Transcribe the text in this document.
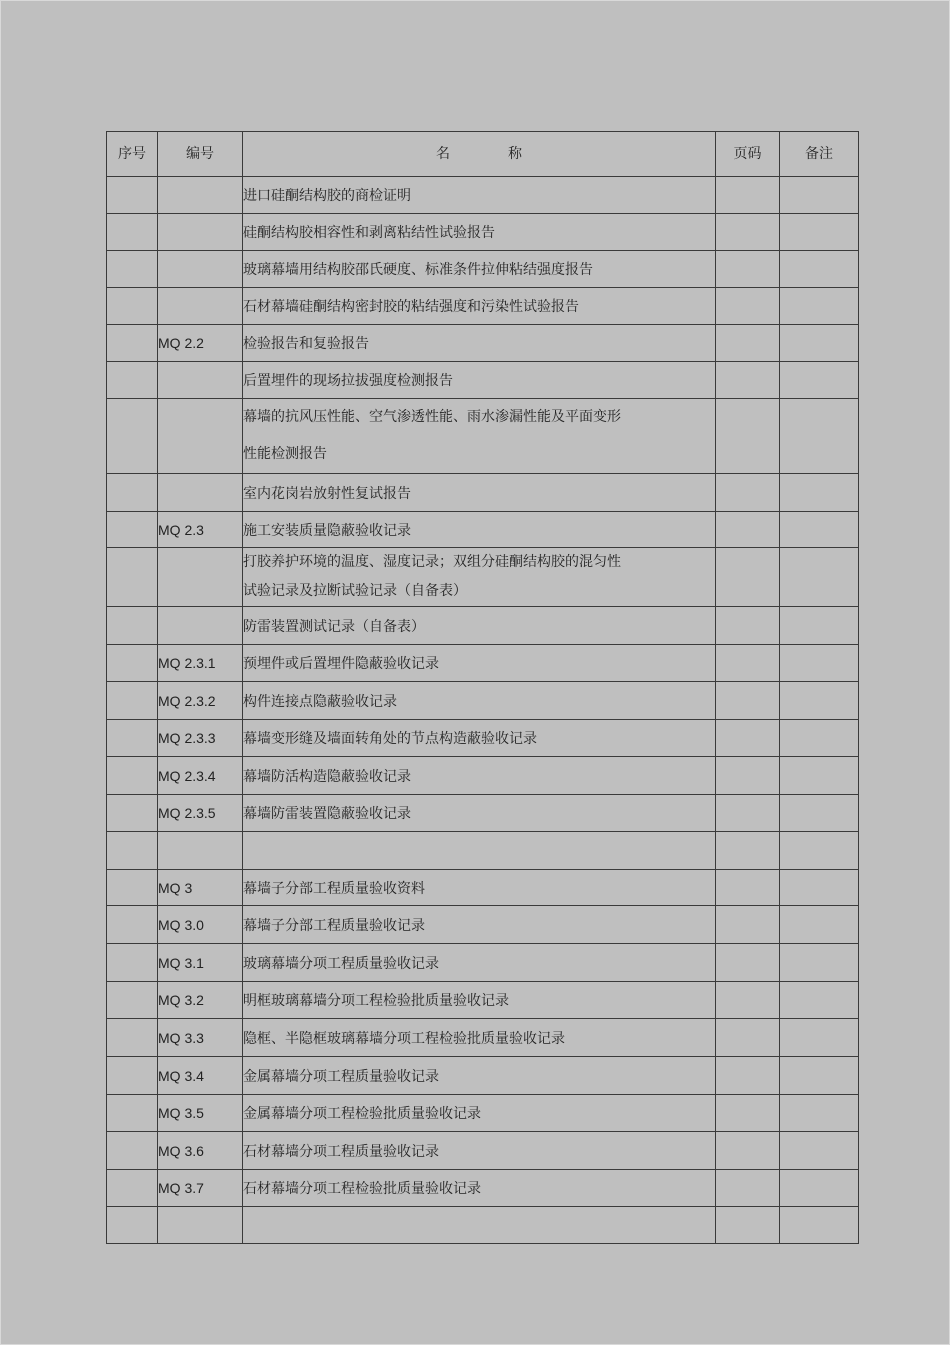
序号	编号	名 称	页码	备注
		进口硅酮结构胶的商检证明		
		硅酮结构胶相容性和剥离粘结性试验报告		
		玻璃幕墙用结构胶邵氏硬度、标准条件拉伸粘结强度报告		
		石材幕墙硅酮结构密封胶的粘结强度和污染性试验报告		
	MQ 2.2	检验报告和复验报告		
		后置埋件的现场拉拔强度检测报告		

		幕墙的抗风压性能、空气渗透性能、雨水渗漏性能及平面变形
性能检测报告		

		室内花岗岩放射性复试报告		
	MQ 2.3	施工安装质量隐蔽验收记录		

		打胶养护环境的温度、湿度记录；双组分硅酮结构胶的混匀性
试验记录及拉断试验记录（自备表）		

		防雷装置测试记录（自备表）		
	MQ 2.3.1	预埋件或后置埋件隐蔽验收记录		
	MQ 2.3.2	构件连接点隐蔽验收记录		
	MQ 2.3.3	幕墙变形缝及墙面转角处的节点构造蔽验收记录		
	MQ 2.3.4	幕墙防活构造隐蔽验收记录		
	MQ 2.3.5	幕墙防雷装置隐蔽验收记录		

	MQ 3	幕墙子分部工程质量验收资料		
	MQ 3.0	幕墙子分部工程质量验收记录		
	MQ 3.1	玻璃幕墙分项工程质量验收记录		
	MQ 3.2	明框玻璃幕墙分项工程检验批质量验收记录		
	MQ 3.3	隐框、半隐框玻璃幕墙分项工程检验批质量验收记录		
	MQ 3.4	金属幕墙分项工程质量验收记录		
	MQ 3.5	金属幕墙分项工程检验批质量验收记录		
	MQ 3.6	石材幕墙分项工程质量验收记录		
	MQ 3.7	石材幕墙分项工程检验批质量验收记录		
